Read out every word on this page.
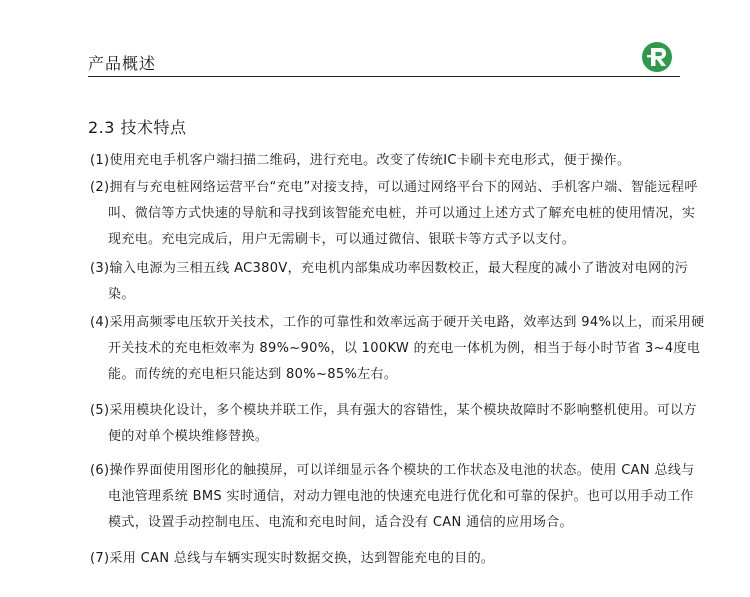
产品概述
2.3 技术特点
(1)使用充电手机客户端扫描二维码，进行充电。改变了传统IC卡刷卡充电形式，便于操作。
(2)拥有与充电桩网络运营平台“充电”对接支持，可以通过网络平台下的网站、手机客户端、智能远程呼叫、微信等方式快速的导航和寻找到该智能充电桩，并可以通过上述方式了解充电桩的使用情况，实现充电。充电完成后，用户无需刷卡，可以通过微信、银联卡等方式予以支付。
(3)输入电源为三相五线 AC380V，充电机内部集成功率因数校正，最大程度的减小了谐波对电网的污染。
(4)采用高频零电压软开关技术，工作的可靠性和效率远高于硬开关电路，效率达到 94%以上，而采用硬开关技术的充电柜效率为 89%~90%，以 100KW 的充电一体机为例，相当于每小时节省 3~4度电能。而传统的充电柜只能达到 80%~85%左右。
(5)采用模块化设计，多个模块并联工作，具有强大的容错性，某个模块故障时不影响整机使用。可以方便的对单个模块维修替换。
(6)操作界面使用图形化的触摸屏，可以详细显示各个模块的工作状态及电池的状态。使用 CAN 总线与电池管理系统 BMS 实时通信，对动力锂电池的快速充电进行优化和可靠的保护。也可以用手动工作模式，设置手动控制电压、电流和充电时间，适合没有 CAN 通信的应用场合。
(7)采用 CAN 总线与车辆实现实时数据交换，达到智能充电的目的。
